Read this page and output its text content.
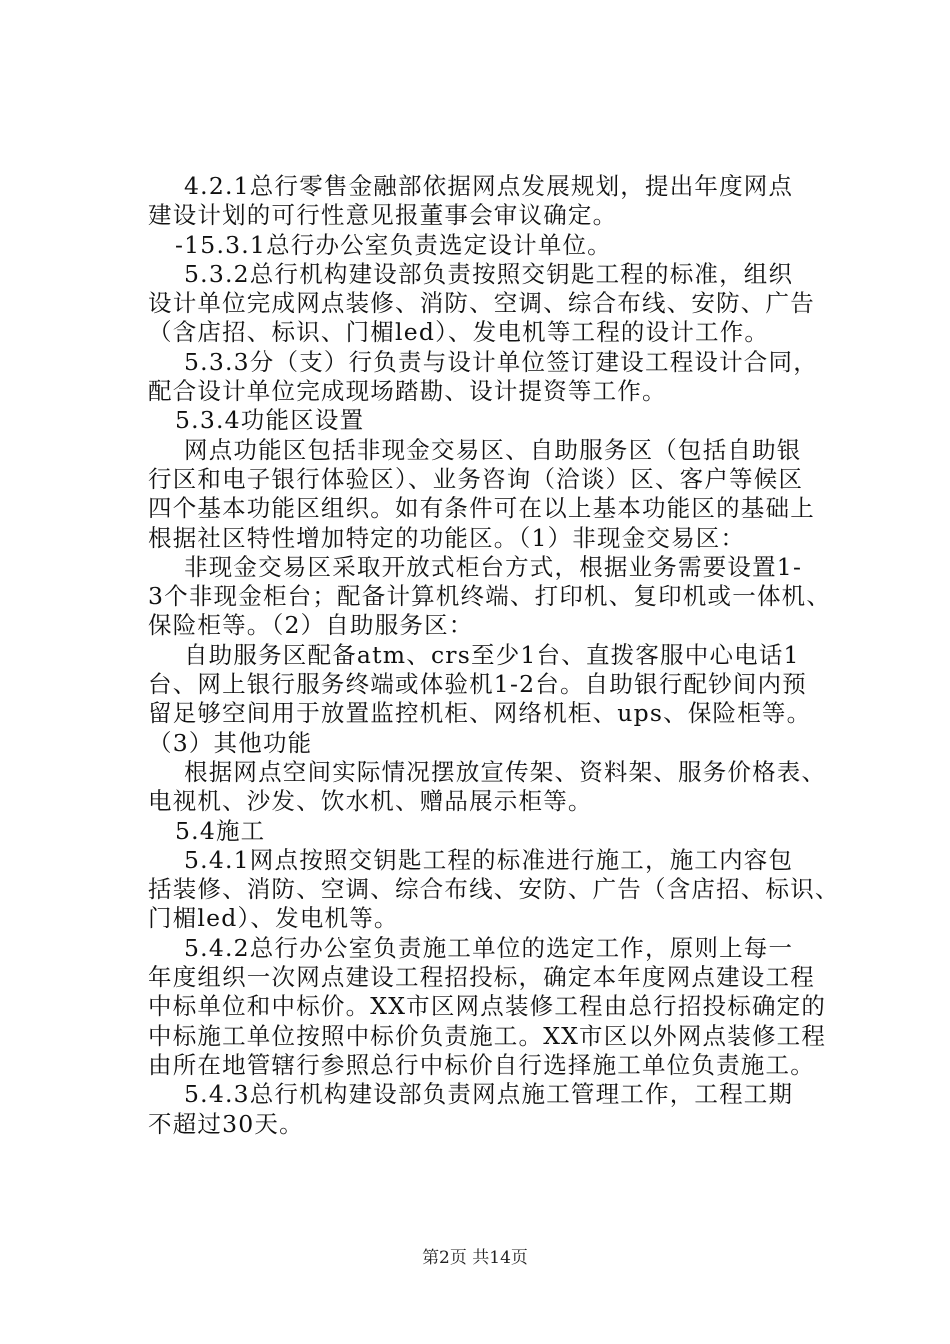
4.2.1总行零售金融部依据网点发展规划，提出年度网点
建设计划的可行性意见报董事会审议确定。
-15.3.1总行办公室负责选定设计单位。
5.3.2总行机构建设部负责按照交钥匙工程的标准，组织
设计单位完成网点装修、消防、空调、综合布线、安防、广告
（含店招、标识、门楣led）、发电机等工程的设计工作。
5.3.3分（支）行负责与设计单位签订建设工程设计合同，
配合设计单位完成现场踏勘、设计提资等工作。
5.3.4功能区设置
网点功能区包括非现金交易区、自助服务区（包括自助银
行区和电子银行体验区）、业务咨询（洽谈）区、客户等候区
四个基本功能区组织。如有条件可在以上基本功能区的基础上
根据社区特性增加特定的功能区。（1）非现金交易区：
非现金交易区采取开放式柜台方式，根据业务需要设置1-
3个非现金柜台；配备计算机终端、打印机、复印机或一体机、
保险柜等。（2）自助服务区：
自助服务区配备atm、crs至少1台、直拨客服中心电话1
台、网上银行服务终端或体验机1-2台。自助银行配钞间内预
留足够空间用于放置监控机柜、网络机柜、ups、保险柜等。
（3）其他功能
根据网点空间实际情况摆放宣传架、资料架、服务价格表、
电视机、沙发、饮水机、赠品展示柜等。
5.4施工
5.4.1网点按照交钥匙工程的标准进行施工，施工内容包
括装修、消防、空调、综合布线、安防、广告（含店招、标识、
门楣led）、发电机等。
5.4.2总行办公室负责施工单位的选定工作，原则上每一
年度组织一次网点建设工程招投标，确定本年度网点建设工程
中标单位和中标价。XX市区网点装修工程由总行招投标确定的
中标施工单位按照中标价负责施工。XX市区以外网点装修工程
由所在地管辖行参照总行中标价自行选择施工单位负责施工。
5.4.3总行机构建设部负责网点施工管理工作，工程工期
不超过30天。
第2页 共14页
